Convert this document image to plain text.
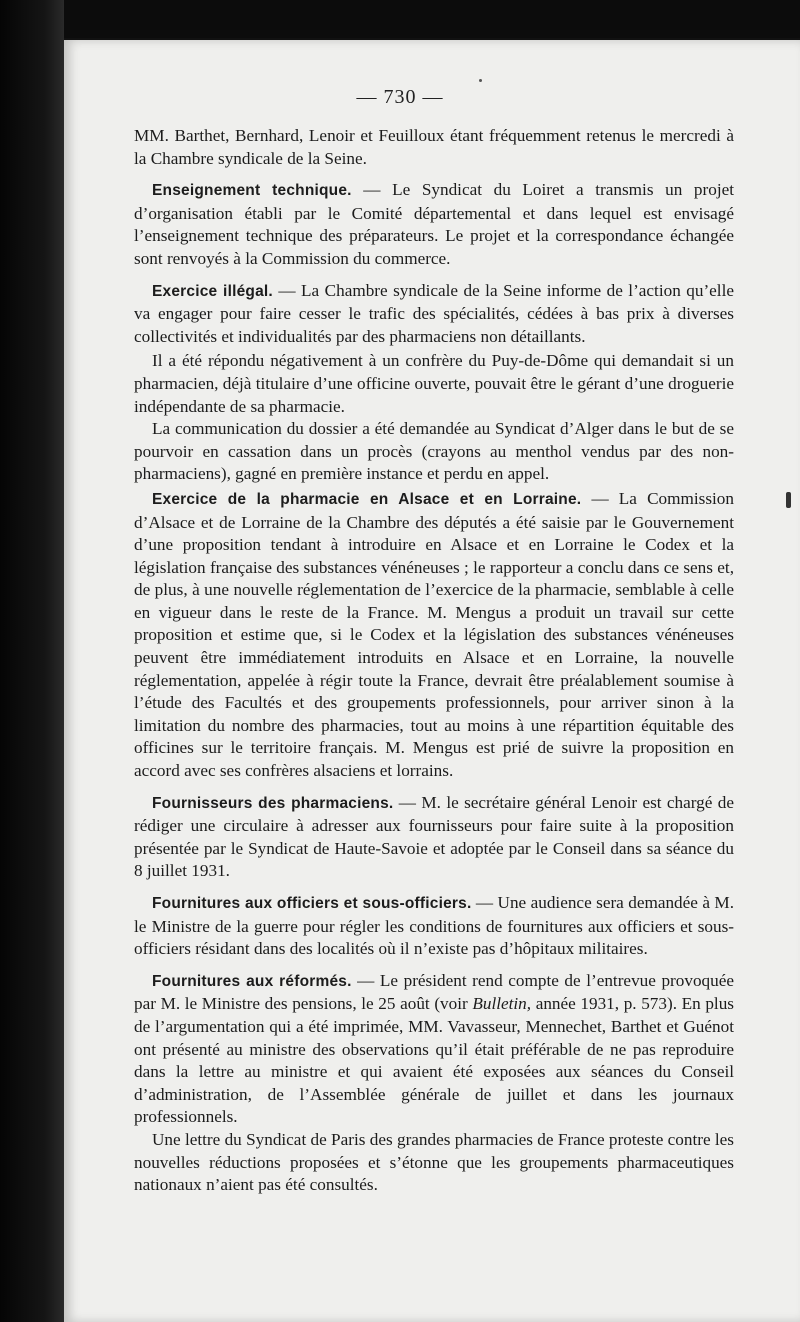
— 730 —

MM. Barthet, Bernhard, Lenoir et Feuilloux étant fréquemment retenus le mercredi à la Chambre syndicale de la Seine.

Enseignement technique. — Le Syndicat du Loiret a transmis un projet d’organisation établi par le Comité départemental et dans lequel est envisagé l’enseignement technique des préparateurs. Le projet et la correspondance échangée sont renvoyés à la Commission du commerce.

Exercice illégal. — La Chambre syndicale de la Seine informe de l’action qu’elle va engager pour faire cesser le trafic des spécialités, cédées à bas prix à diverses collectivités et individualités par des pharmaciens non détaillants.

Il a été répondu négativement à un confrère du Puy-de-Dôme qui demandait si un pharmacien, déjà titulaire d’une officine ouverte, pouvait être le gérant d’une droguerie indépendante de sa pharmacie.

La communication du dossier a été demandée au Syndicat d’Alger dans le but de se pourvoir en cassation dans un procès (crayons au menthol vendus par des non-pharmaciens), gagné en première instance et perdu en appel.

Exercice de la pharmacie en Alsace et en Lorraine. — La Commission d’Alsace et de Lorraine de la Chambre des députés a été saisie par le Gouvernement d’une proposition tendant à introduire en Alsace et en Lorraine le Codex et la législation française des substances vénéneuses ; le rapporteur a conclu dans ce sens et, de plus, à une nouvelle réglementation de l’exercice de la pharmacie, semblable à celle en vigueur dans le reste de la France. M. Mengus a produit un travail sur cette proposition et estime que, si le Codex et la législation des substances vénéneuses peuvent être immédiatement introduits en Alsace et en Lorraine, la nouvelle réglementation, appelée à régir toute la France, devrait être préalablement soumise à l’étude des Facultés et des groupements professionnels, pour arriver sinon à la limitation du nombre des pharmacies, tout au moins à une répartition équitable des officines sur le territoire français. M. Mengus est prié de suivre la proposition en accord avec ses confrères alsaciens et lorrains.

Fournisseurs des pharmaciens. — M. le secrétaire général Lenoir est chargé de rédiger une circulaire à adresser aux fournisseurs pour faire suite à la proposition présentée par le Syndicat de Haute-Savoie et adoptée par le Conseil dans sa séance du 8 juillet 1931.

Fournitures aux officiers et sous-officiers. — Une audience sera demandée à M. le Ministre de la guerre pour régler les conditions de fournitures aux officiers et sous-officiers résidant dans des localités où il n’existe pas d’hôpitaux militaires.

Fournitures aux réformés. — Le président rend compte de l’entrevue provoquée par M. le Ministre des pensions, le 25 août (voir Bulletin, année 1931, p. 573). En plus de l’argumentation qui a été imprimée, MM. Vavasseur, Mennechet, Barthet et Guénot ont présenté au ministre des observations qu’il était préférable de ne pas reproduire dans la lettre au ministre et qui avaient été exposées aux séances du Conseil d’administration, de l’Assemblée générale de juillet et dans les journaux professionnels.

Une lettre du Syndicat de Paris des grandes pharmacies de France proteste contre les nouvelles réductions proposées et s’étonne que les groupements pharmaceutiques nationaux n’aient pas été consultés.
